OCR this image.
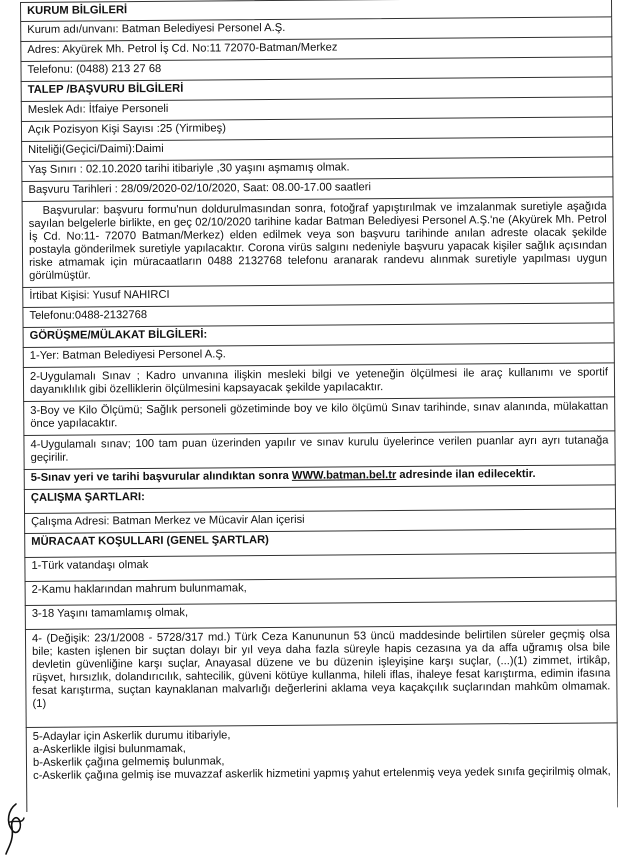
KURUM BİLGİLERİ
Kurum adı/unvanı: Batman Belediyesi Personel A.Ş.
Adres: Akyürek Mh. Petrol İş Cd. No:11 72070-Batman/Merkez
Telefonu: (0488) 213 27 68
TALEP /BAŞVURU BİLGİLERİ
Meslek Adı: İtfaiye Personeli
Açık Pozisyon Kişi Sayısı :25 (Yirmibeş)
Niteliği(Geçici/Daimi):Daimi
Yaş Sınırı : 02.10.2020 tarihi itibariyle ,30 yaşını aşmamış olmak.
Başvuru Tarihleri : 28/09/2020-02/10/2020, Saat: 08.00-17.00 saatleri
Başvurular: başvuru formu'nun doldurulmasından sonra, fotoğraf yapıştırılmak ve imzalanmak suretiyle aşağıda sayılan belgelerle birlikte, en geç 02/10/2020 tarihine kadar Batman Belediyesi Personel A.Ş.'ne (Akyürek Mh. Petrol İş Cd. No:11- 72070 Batman/Merkez) elden edilmek veya son başvuru tarihinde anılan adreste olacak şekilde postayla gönderilmek suretiyle yapılacaktır. Corona virüs salgını nedeniyle başvuru yapacak kişiler sağlık açısından riske atmamak için müracaatların 0488 2132768 telefonu aranarak randevu alınmak suretiyle yapılması uygun görülmüştür.
İrtibat Kişisi: Yusuf NAHIRCI
Telefonu:0488-2132768
GÖRÜŞME/MÜLAKAT BİLGİLERİ:
1-Yer: Batman Belediyesi Personel A.Ş.
2-Uygulamalı Sınav ; Kadro unvanına ilişkin mesleki bilgi ve yeteneğin ölçülmesi ile araç kullanımı ve sportif dayanıklılık gibi özelliklerin ölçülmesini kapsayacak şekilde yapılacaktır.
3-Boy ve Kilo Ölçümü; Sağlık personeli gözetiminde boy ve kilo ölçümü Sınav tarihinde, sınav alanında, mülakattan önce yapılacaktır.
4-Uygulamalı sınav; 100 tam puan üzerinden yapılır ve sınav kurulu üyelerince verilen puanlar ayrı ayrı tutanağa geçirilir.
5-Sınav yeri ve tarihi başvurular alındıktan sonra WWW.batman.bel.tr adresinde ilan edilecektir.
ÇALIŞMA ŞARTLARI:
Çalışma Adresi: Batman Merkez ve Mücavir Alan içerisi
MÜRACAAT KOŞULLARI (GENEL ŞARTLAR)
1-Türk vatandaşı olmak
2-Kamu haklarından mahrum bulunmamak,
3-18 Yaşını tamamlamış olmak,
4- (Değişik: 23/1/2008 - 5728/317 md.) Türk Ceza Kanununun 53 üncü maddesinde belirtilen süreler geçmiş olsa bile; kasten işlenen bir suçtan dolayı bir yıl veya daha fazla süreyle hapis cezasına ya da affa uğramış olsa bile devletin güvenliğine karşı suçlar, Anayasal düzene ve bu düzenin işleyişine karşı suçlar, (...)(1) zimmet, irtikâp, rüşvet, hırsızlık, dolandırıcılık, sahtecilik, güveni kötüye kullanma, hileli iflas, ihaleye fesat karıştırma, edimin ifasına fesat karıştırma, suçtan kaynaklanan malvarlığı değerlerini aklama veya kaçakçılık suçlarından mahkûm olmamak. (1)
5-Adaylar için Askerlik durumu itibariyle,
a-Askerlikle ilgisi bulunmamak,
b-Askerlik çağına gelmemiş bulunmak,
c-Askerlik çağına gelmiş ise muvazzaf askerlik hizmetini yapmış yahut ertelenmiş veya yedek sınıfa geçirilmiş olmak,
